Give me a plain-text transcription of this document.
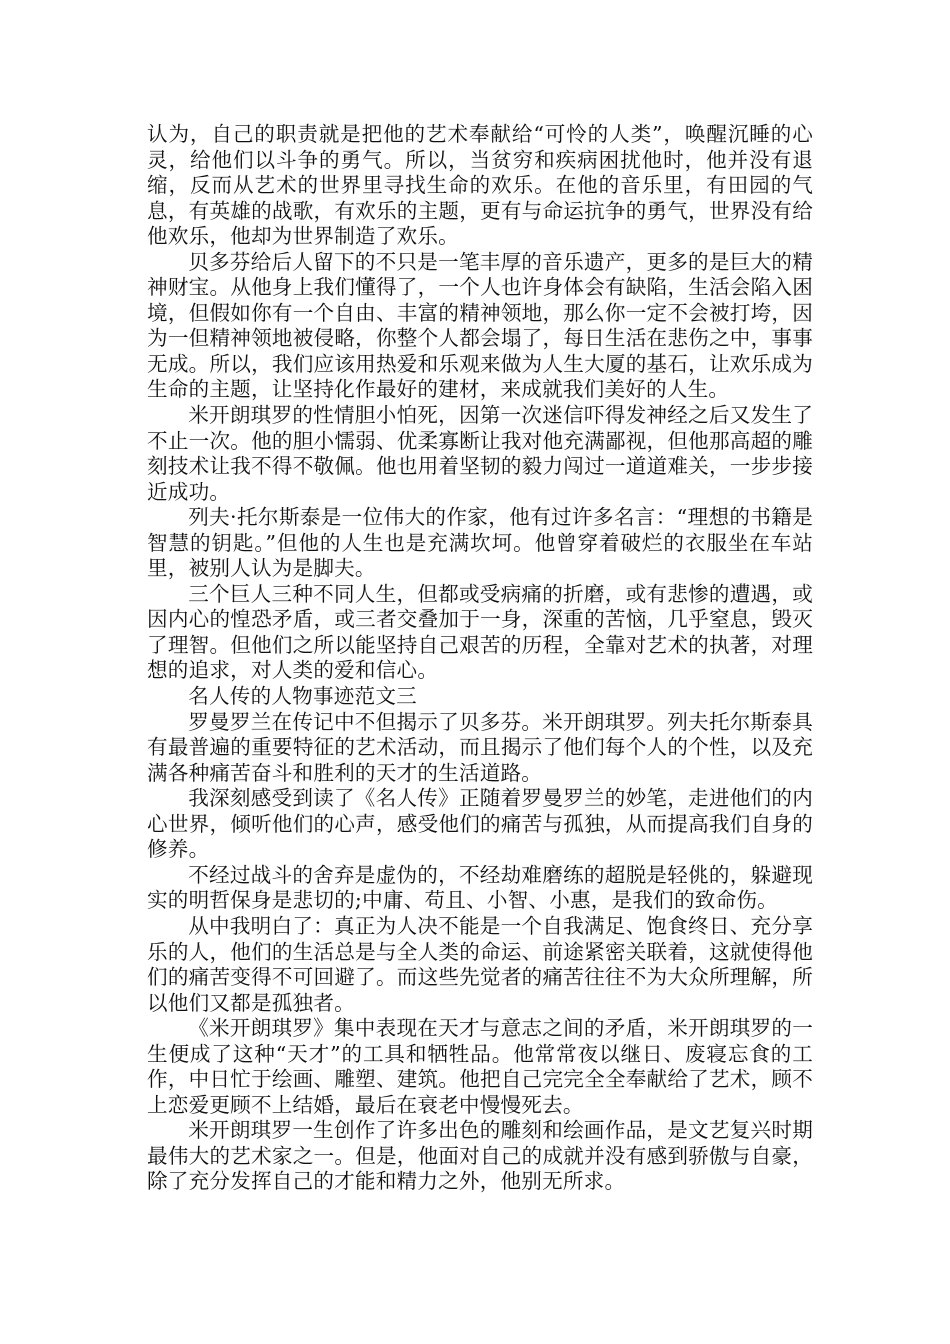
认为，自己的职责就是把他的艺术奉献给“可怜的人类”，唤醒沉睡的心灵，给他们以斗争的勇气。所以，当贫穷和疾病困扰他时，他并没有退缩，反而从艺术的世界里寻找生命的欢乐。在他的音乐里，有田园的气息，有英雄的战歌，有欢乐的主题，更有与命运抗争的勇气，世界没有给他欢乐，他却为世界制造了欢乐。

贝多芬给后人留下的不只是一笔丰厚的音乐遗产，更多的是巨大的精神财宝。从他身上我们懂得了，一个人也许身体会有缺陷，生活会陷入困境，但假如你有一个自由、丰富的精神领地，那么你一定不会被打垮，因为一但精神领地被侵略，你整个人都会塌了，每日生活在悲伤之中，事事无成。所以，我们应该用热爱和乐观来做为人生大厦的基石，让欢乐成为生命的主题，让坚持化作最好的建材，来成就我们美好的人生。

米开朗琪罗的性情胆小怕死，因第一次迷信吓得发神经之后又发生了不止一次。他的胆小懦弱、优柔寡断让我对他充满鄙视，但他那高超的雕刻技术让我不得不敬佩。他也用着坚韧的毅力闯过一道道难关，一步步接近成功。

列夫·托尔斯泰是一位伟大的作家，他有过许多名言：“理想的书籍是智慧的钥匙。”但他的人生也是充满坎坷。他曾穿着破烂的衣服坐在车站里，被别人认为是脚夫。

三个巨人三种不同人生，但都或受病痛的折磨，或有悲惨的遭遇，或因内心的惶恐矛盾，或三者交叠加于一身，深重的苦恼，几乎窒息，毁灭了理智。但他们之所以能坚持自己艰苦的历程，全靠对艺术的执著，对理想的追求，对人类的爱和信心。

名人传的人物事迹范文三

罗曼罗兰在传记中不但揭示了贝多芬。米开朗琪罗。列夫托尔斯泰具有最普遍的重要特征的艺术活动，而且揭示了他们每个人的个性，以及充满各种痛苦奋斗和胜利的天才的生活道路。

我深刻感受到读了《名人传》正随着罗曼罗兰的妙笔，走进他们的内心世界，倾听他们的心声，感受他们的痛苦与孤独，从而提高我们自身的修养。

不经过战斗的舍弃是虚伪的，不经劫难磨练的超脱是轻佻的，躲避现实的明哲保身是悲切的;中庸、苟且、小智、小惠，是我们的致命伤。

从中我明白了：真正为人决不能是一个自我满足、饱食终日、充分享乐的人，他们的生活总是与全人类的命运、前途紧密关联着，这就使得他们的痛苦变得不可回避了。而这些先觉者的痛苦往往不为大众所理解，所以他们又都是孤独者。

《米开朗琪罗》集中表现在天才与意志之间的矛盾，米开朗琪罗的一生便成了这种“天才”的工具和牺牲品。他常常夜以继日、废寝忘食的工作，中日忙于绘画、雕塑、建筑。他把自己完完全全奉献给了艺术，顾不上恋爱更顾不上结婚，最后在衰老中慢慢死去。

米开朗琪罗一生创作了许多出色的雕刻和绘画作品，是文艺复兴时期最伟大的艺术家之一。但是，他面对自己的成就并没有感到骄傲与自豪，除了充分发挥自己的才能和精力之外，他别无所求。
